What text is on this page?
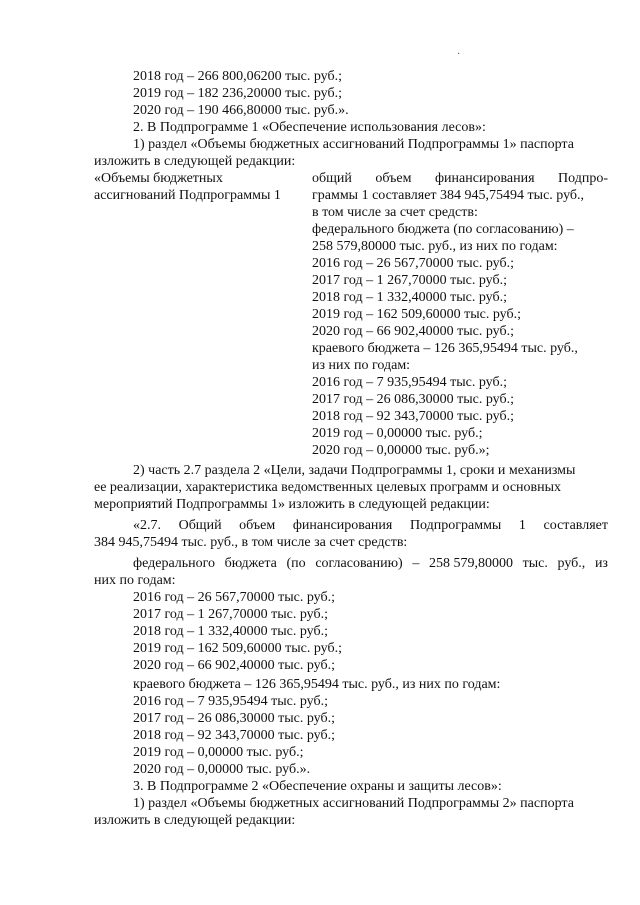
·
2018 год – 266 800,06200 тыс. руб.;
2019 год – 182 236,20000 тыс. руб.;
2020 год – 190 466,80000 тыс. руб.».
2. В Подпрограмме 1 «Обеспечение использования лесов»:
1) раздел «Объемы бюджетных ассигнований Подпрограммы 1» паспорта
изложить в следующей редакции:
«Объемы бюджетных
ассигнований Подпрограммы 1
общий объем финансирования Подпро-
граммы 1 составляет 384 945,75494 тыс. руб.,
в том числе за счет средств:
федерального бюджета (по согласованию) –
258 579,80000 тыс. руб., из них по годам:
2016 год – 26 567,70000 тыс. руб.;
2017 год – 1 267,70000 тыс. руб.;
2018 год – 1 332,40000 тыс. руб.;
2019 год – 162 509,60000 тыс. руб.;
2020 год – 66 902,40000 тыс. руб.;
краевого бюджета – 126 365,95494 тыс. руб.,
из них по годам:
2016 год – 7 935,95494 тыс. руб.;
2017 год – 26 086,30000 тыс. руб.;
2018 год – 92 343,70000 тыс. руб.;
2019 год – 0,00000 тыс. руб.;
2020 год – 0,00000 тыс. руб.»;
2) часть 2.7 раздела 2 «Цели, задачи Подпрограммы 1, сроки и механизмы
ее реализации, характеристика ведомственных целевых программ и основных
мероприятий Подпрограммы 1» изложить в следующей редакции:
«2.7. Общий объем финансирования Подпрограммы 1 составляет
384 945,75494 тыс. руб., в том числе за счет средств:
федерального бюджета (по согласованию) – 258 579,80000 тыс. руб., из
них по годам:
2016 год – 26 567,70000 тыс. руб.;
2017 год – 1 267,70000 тыс. руб.;
2018 год – 1 332,40000 тыс. руб.;
2019 год – 162 509,60000 тыс. руб.;
2020 год – 66 902,40000 тыс. руб.;
краевого бюджета – 126 365,95494 тыс. руб., из них по годам:
2016 год – 7 935,95494 тыс. руб.;
2017 год – 26 086,30000 тыс. руб.;
2018 год – 92 343,70000 тыс. руб.;
2019 год – 0,00000 тыс. руб.;
2020 год – 0,00000 тыс. руб.».
3. В Подпрограмме 2 «Обеспечение охраны и защиты лесов»:
1) раздел «Объемы бюджетных ассигнований Подпрограммы 2» паспорта
изложить в следующей редакции:
